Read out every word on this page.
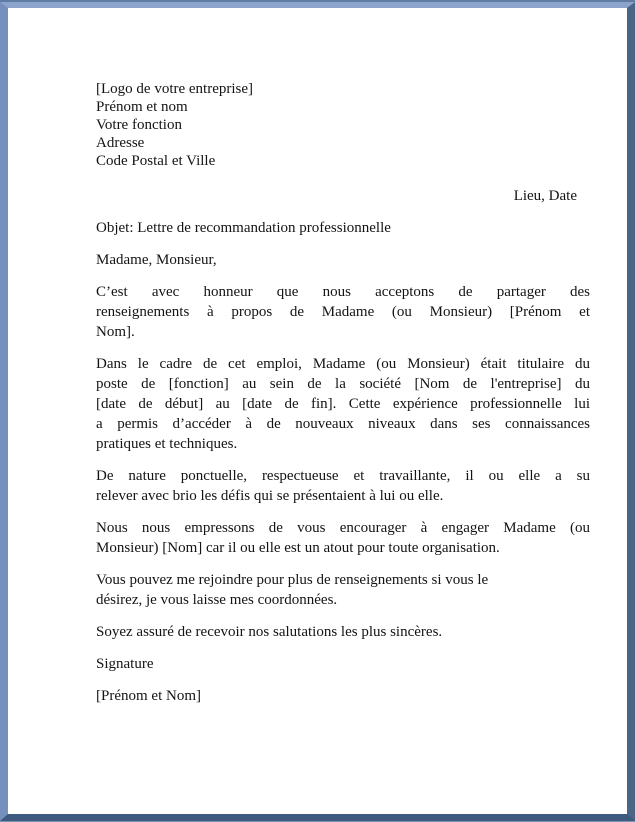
[Logo de votre entreprise]
Prénom et nom
Votre fonction
Adresse
Code Postal et Ville
Lieu, Date
Objet: Lettre de recommandation professionnelle
Madame, Monsieur,
C’est avec honneur que nous acceptons de partager des
renseignements à propos de Madame (ou Monsieur) [Prénom et
Nom].
Dans le cadre de cet emploi, Madame (ou Monsieur) était titulaire du
poste de [fonction] au sein de la société [Nom de l'entreprise] du
[date de début] au [date de fin]. Cette expérience professionnelle lui
a permis d’accéder à de nouveaux niveaux dans ses connaissances
pratiques et techniques.
De nature ponctuelle, respectueuse et travaillante, il ou elle a su
relever avec brio les défis qui se présentaient à lui ou elle.
Nous nous empressons de vous encourager à engager Madame (ou
Monsieur) [Nom] car il ou elle est un atout pour toute organisation.
Vous pouvez me rejoindre pour plus de renseignements si vous le
désirez, je vous laisse mes coordonnées.
Soyez assuré de recevoir nos salutations les plus sincères.
Signature
[Prénom et Nom]
